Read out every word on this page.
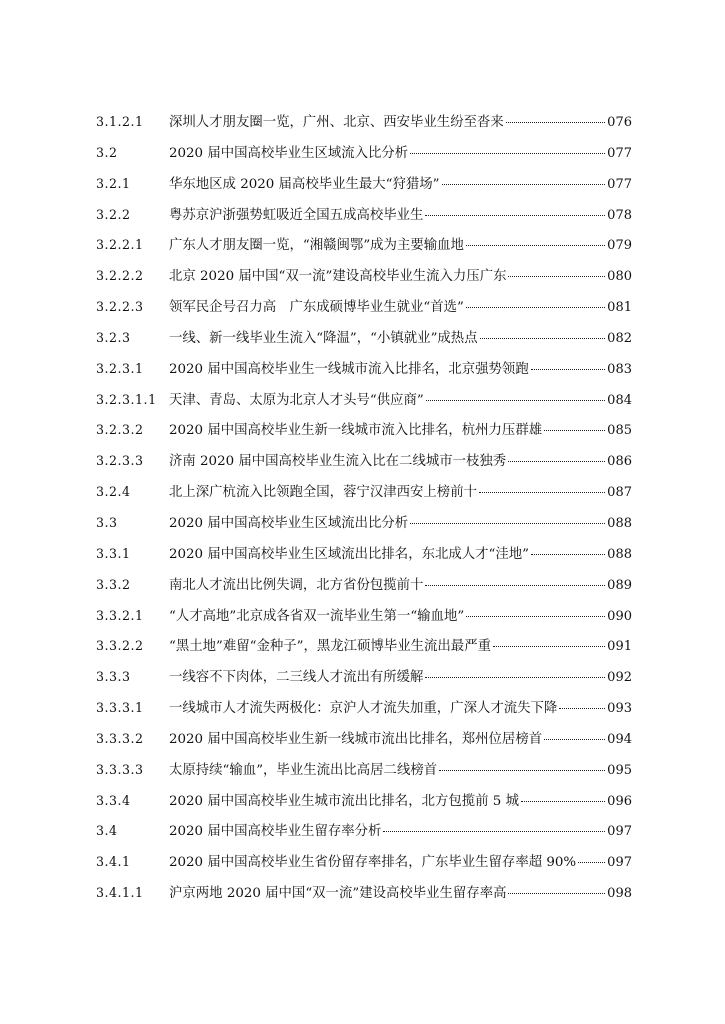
3.1.2.1	深圳人才朋友圈一览，广州、北京、西安毕业生纷至沓来	076
3.2	2020 届中国高校毕业生区域流入比分析	077
3.2.1	华东地区成 2020 届高校毕业生最大“狩猎场”	077
3.2.2	粤苏京沪浙强势虹吸近全国五成高校毕业生	078
3.2.2.1	广东人才朋友圈一览，“湘赣闽鄂”成为主要输血地	079
3.2.2.2	北京 2020 届中国“双一流”建设高校毕业生流入力压广东	080
3.2.2.3	领军民企号召力高　广东成硕博毕业生就业“首选”	081
3.2.3	一线、新一线毕业生流入“降温”，“小镇就业”成热点	082
3.2.3.1	2020 届中国高校毕业生一线城市流入比排名，北京强势领跑	083
3.2.3.1.1 天津、青岛、太原为北京人才头号“供应商”	084
3.2.3.2	2020 届中国高校毕业生新一线城市流入比排名，杭州力压群雄	085
3.2.3.3	济南 2020 届中国高校毕业生流入比在二线城市一枝独秀	086
3.2.4	北上深广杭流入比领跑全国，蓉宁汉津西安上榜前十	087
3.3	2020 届中国高校毕业生区域流出比分析	088
3.3.1	2020 届中国高校毕业生区域流出比排名，东北成人才“洼地”	088
3.3.2	南北人才流出比例失调，北方省份包揽前十	089
3.3.2.1	“人才高地”北京成各省双一流毕业生第一“输血地”	090
3.3.2.2	“黑土地”难留“金种子”，黑龙江硕博毕业生流出最严重	091
3.3.3	一线容不下肉体，二三线人才流出有所缓解	092
3.3.3.1	一线城市人才流失两极化：京沪人才流失加重，广深人才流失下降	093
3.3.3.2	2020 届中国高校毕业生新一线城市流出比排名，郑州位居榜首	094
3.3.3.3	太原持续“输血”，毕业生流出比高居二线榜首	095
3.3.4	2020 届中国高校毕业生城市流出比排名，北方包揽前 5 城	096
3.4	2020 届中国高校毕业生留存率分析	097
3.4.1	2020 届中国高校毕业生省份留存率排名，广东毕业生留存率超 90% 097
3.4.1.1	沪京两地 2020 届中国“双一流”建设高校毕业生留存率高	098
